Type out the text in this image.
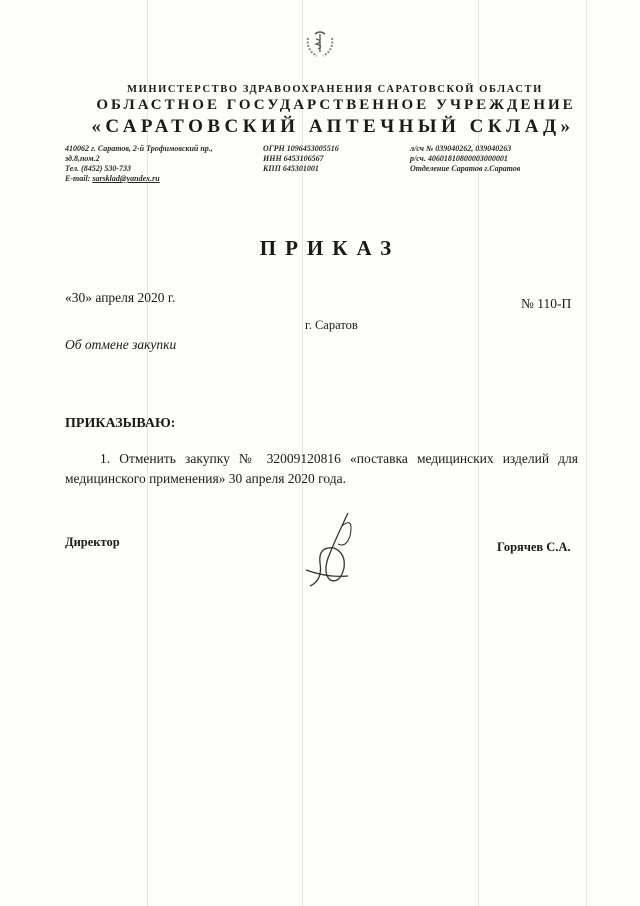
МИНИСТЕРСТВО ЗДРАВООХРАНЕНИЯ САРАТОВСКОЙ ОБЛАСТИ
ОБЛАСТНОЕ ГОСУДАРСТВЕННОЕ УЧРЕЖДЕНИЕ
«САРАТОВСКИЙ АПТЕЧНЫЙ СКЛАД»
410062 г. Саратов, 2-й Трофимовский пр.,
зд.8,пом.2
Тел. (8452) 530-733
E-mail: sarsklad@yandex.ru
ОГРН 1096453005516
ИНН 6453106567
КПП 645301001
л/сч № 039040262, 039040263
р/сч. 40601810800003000001
Отделение Саратов г.Саратов
ПРИКАЗ
«30» апреля 2020 г.	№ 110-П
г. Саратов
Об отмене закупки
ПРИКАЗЫВАЮ:
1. Отменить закупку № 32009120816 «поставка медицинских изделий для медицинского применения» 30 апреля 2020 года.
Директор	Горячев С.А.
